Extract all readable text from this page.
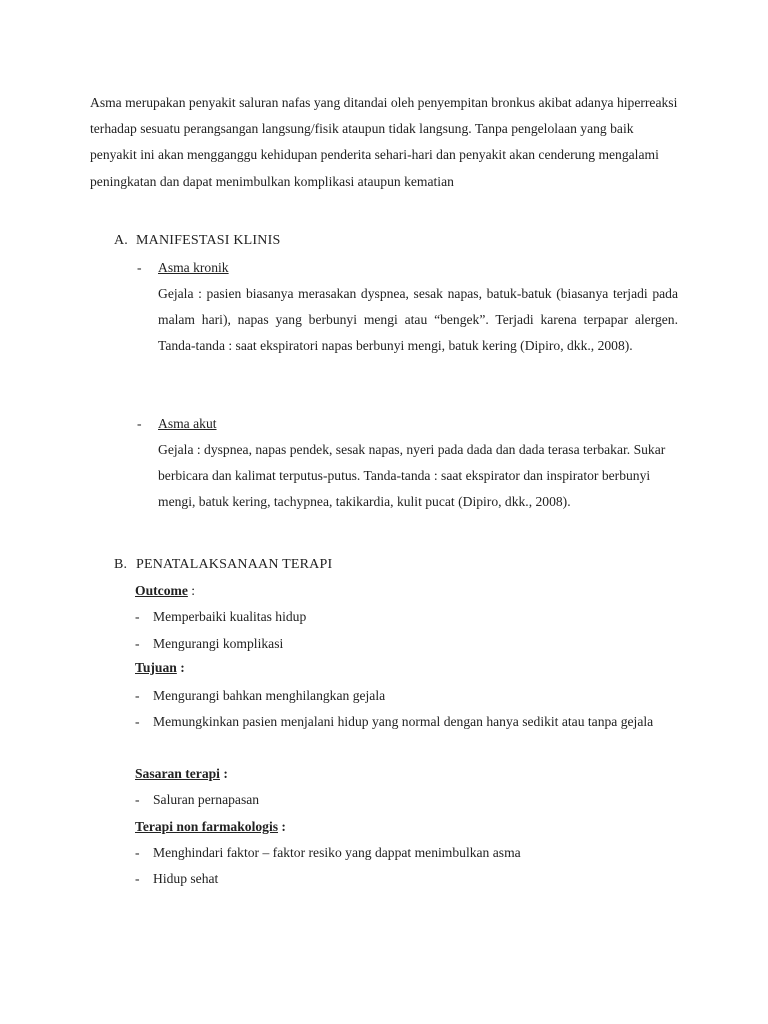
Asma merupakan penyakit saluran nafas yang ditandai oleh penyempitan bronkus akibat adanya hiperreaksi terhadap sesuatu perangsangan langsung/fisik ataupun tidak langsung. Tanpa pengelolaan yang baik penyakit ini akan mengganggu kehidupan penderita sehari-hari dan penyakit akan cenderung mengalami peningkatan dan dapat menimbulkan komplikasi ataupun kematian

A. MANIFESTASI KLINIS

- Asma kronik

Gejala : pasien biasanya merasakan dyspnea, sesak napas, batuk-batuk (biasanya terjadi pada malam hari), napas yang berbunyi mengi atau “bengek”. Terjadi karena terpapar alergen. Tanda-tanda : saat ekspiratori napas berbunyi mengi, batuk kering (Dipiro, dkk., 2008).

- Asma akut

Gejala : dyspnea, napas pendek, sesak napas, nyeri pada dada dan dada terasa terbakar. Sukar berbicara dan kalimat terputus-putus. Tanda-tanda : saat ekspirator dan inspirator berbunyi mengi, batuk kering, tachypnea, takikardia, kulit pucat (Dipiro, dkk., 2008).

B. PENATALAKSANAAN TERAPI

Outcome :

- Memperbaiki kualitas hidup
- Mengurangi komplikasi

Tujuan :

- Mengurangi bahkan menghilangkan gejala
- Memungkinkan pasien menjalani hidup yang normal dengan hanya sedikit atau tanpa gejala

Sasaran terapi :

- Saluran pernapasan

Terapi non farmakologis :

- Menghindari faktor – faktor resiko yang dappat menimbulkan asma
- Hidup sehat
